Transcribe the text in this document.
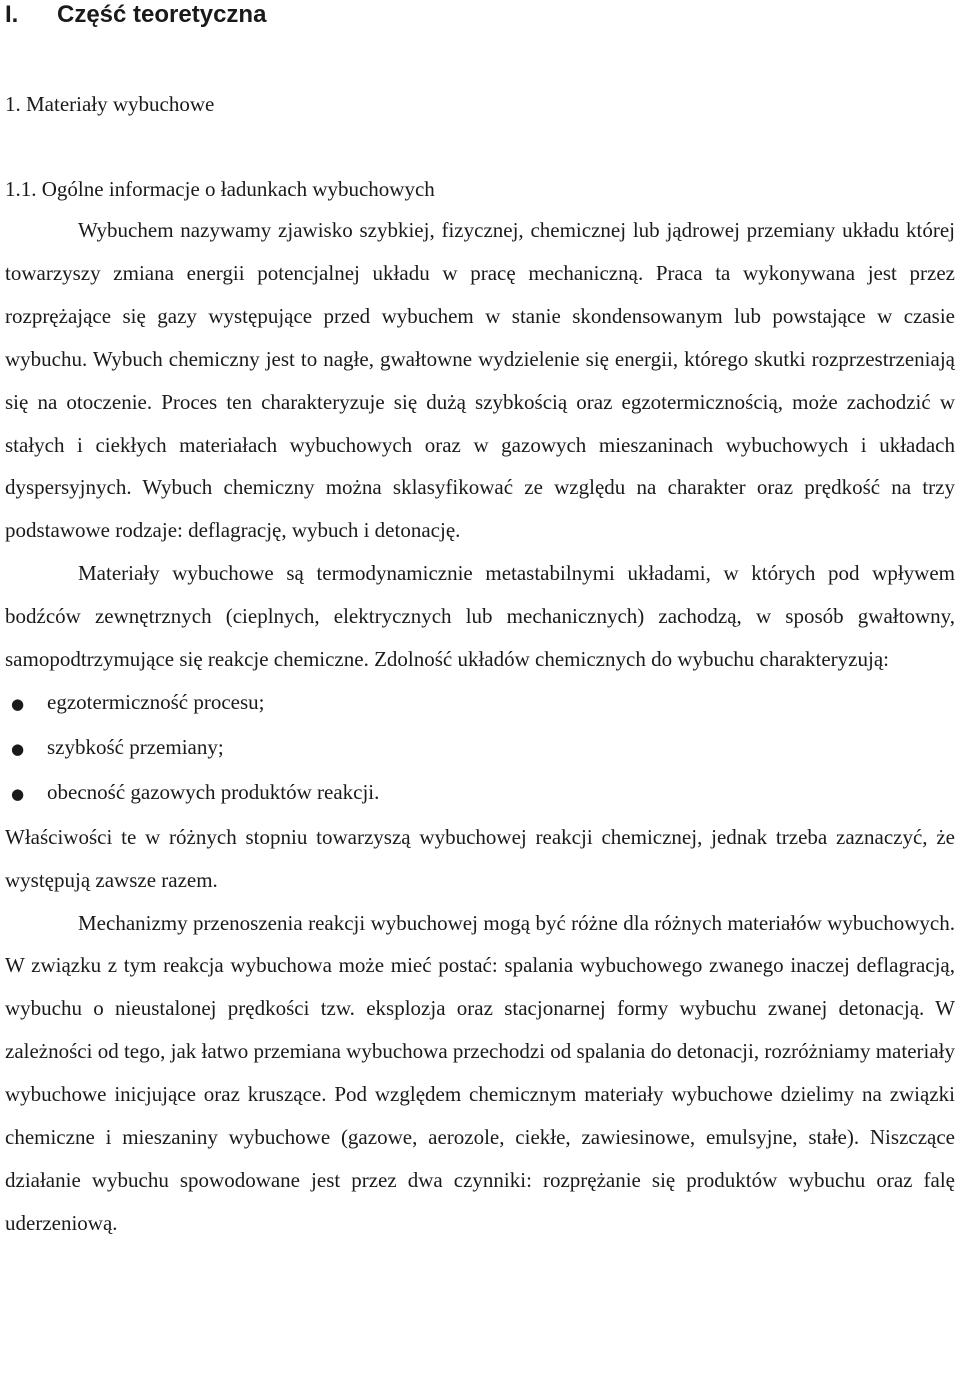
I.	Część teoretyczna
1. Materiały wybuchowe
1.1. Ogólne informacje o ładunkach wybuchowych

Wybuchem nazywamy zjawisko szybkiej, fizycznej, chemicznej lub jądrowej przemiany układu której towarzyszy zmiana energii potencjalnej układu w pracę mechaniczną. Praca ta wykonywana jest przez rozprężające się gazy występujące przed wybuchem w stanie skondensowanym lub powstające w czasie wybuchu. Wybuch chemiczny jest to nagłe, gwałtowne wydzielenie się energii, którego skutki rozprzestrzeniają się na otoczenie. Proces ten charakteryzuje się dużą szybkością oraz egzotermicznością, może zachodzić w stałych i ciekłych materiałach wybuchowych oraz w gazowych mieszaninach wybuchowych i układach dyspersyjnych. Wybuch chemiczny można sklasyfikować ze względu na charakter oraz prędkość na trzy podstawowe rodzaje: deflagrację, wybuch i detonację.

Materiały wybuchowe są termodynamicznie metastabilnymi układami, w których pod wpływem bodźców zewnętrznych (cieplnych, elektrycznych lub mechanicznych) zachodzą, w sposób gwałtowny, samopodtrzymujące się reakcje chemiczne. Zdolność układów chemicznych do wybuchu charakteryzują:

●	egzotermiczność procesu;
●	szybkość przemiany;
●	obecność gazowych produktów reakcji.

Właściwości te w różnych stopniu towarzyszą wybuchowej reakcji chemicznej, jednak trzeba zaznaczyć, że występują zawsze razem.

Mechanizmy przenoszenia reakcji wybuchowej mogą być różne dla różnych materiałów wybuchowych. W związku z tym reakcja wybuchowa może mieć postać: spalania wybuchowego zwanego inaczej deflagracją, wybuchu o nieustalonej prędkości tzw. eksplozja oraz stacjonarnej formy wybuchu zwanej detonacją. W zależności od tego, jak łatwo przemiana wybuchowa przechodzi od spalania do detonacji, rozróżniamy materiały wybuchowe inicjujące oraz kruszące. Pod względem chemicznym materiały wybuchowe dzielimy na związki chemiczne i mieszaniny wybuchowe (gazowe, aerozole, ciekłe, zawiesinowe, emulsyjne, stałe). Niszczące działanie wybuchu spowodowane jest przez dwa czynniki: rozprężanie się produktów wybuchu oraz falę uderzeniową.
